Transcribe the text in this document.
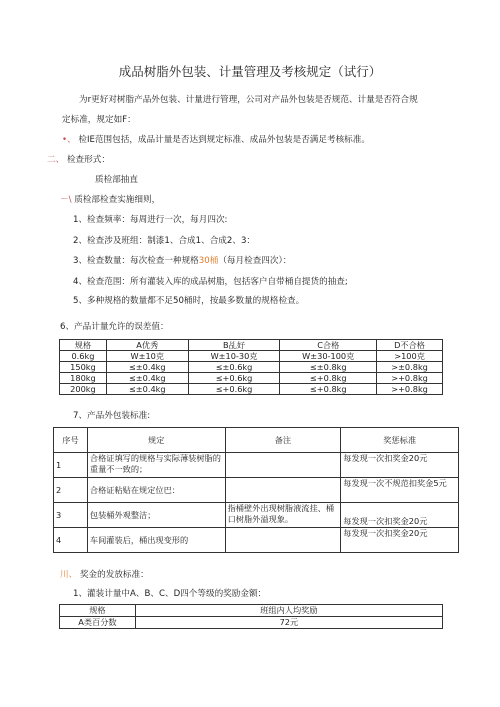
成品树脂外包装、计量管理及考核规定（试行）
为r更好对树脂产品外包装、计量进行管理，公司对产品外包装是否规范、计量是否符合规
定标准，规定如F：
•、 检IE范围包括，成品计量是否达到规定标准、成品外包装是否满足考核标准。
二、 检查形式：
质检部抽直
－\ 质检部检查实施细则，
1、检查频率：每周进行一次，每月四次:
2、检查涉及班组：制漆1、合成1、合成2、3：
3、检查数量：每次检查一种规格30桶（每月检查四次）：
4、检查范围：所有灌装入库的成品树脂，包括客户自带桶自提货的抽查;
5、多种规格的数量都不足50桶时，按最多数量的规格检查。
6、产品计量允许的误差值：
规格	A优秀	B乩好	C合格	D不合格
0.6kg	W±10克	W±10-30克	W±30-100克	>100克
150kg	≤±0.4kg	≤±0.6kg	≤±0.8kg	>±0.8kg
180kg	≤±0.4kg	≤+0.6kg	≤+0.8kg	>+0.8kg
200kg	≤±0.4kg	≤+0.6kg	≤+0.8kg	>+0.8kg
7、产品外包装标准:
序号	规定	备注	奖惩标准
1	合格证填写的规格与实际薄装树脂的重量不一致的；		每发现一次扣奖金20元
2	合格证粘贴在规定位巴：		每发现一次不规范扣奖金5元
3	包装桶外观整洁；	指桶壁外出现树脂液流挂、桶口树脂外溢现象。	每发现一次扣奖金20元
4	车间灌装后，桶出现变形的		每发现一次扣奖金20元
川、 奖金的发放标准：
1、灌装计量中A、B、C、D四个等级的奖励金额：
规格	班组内人均奖励
A类百分数	72元
